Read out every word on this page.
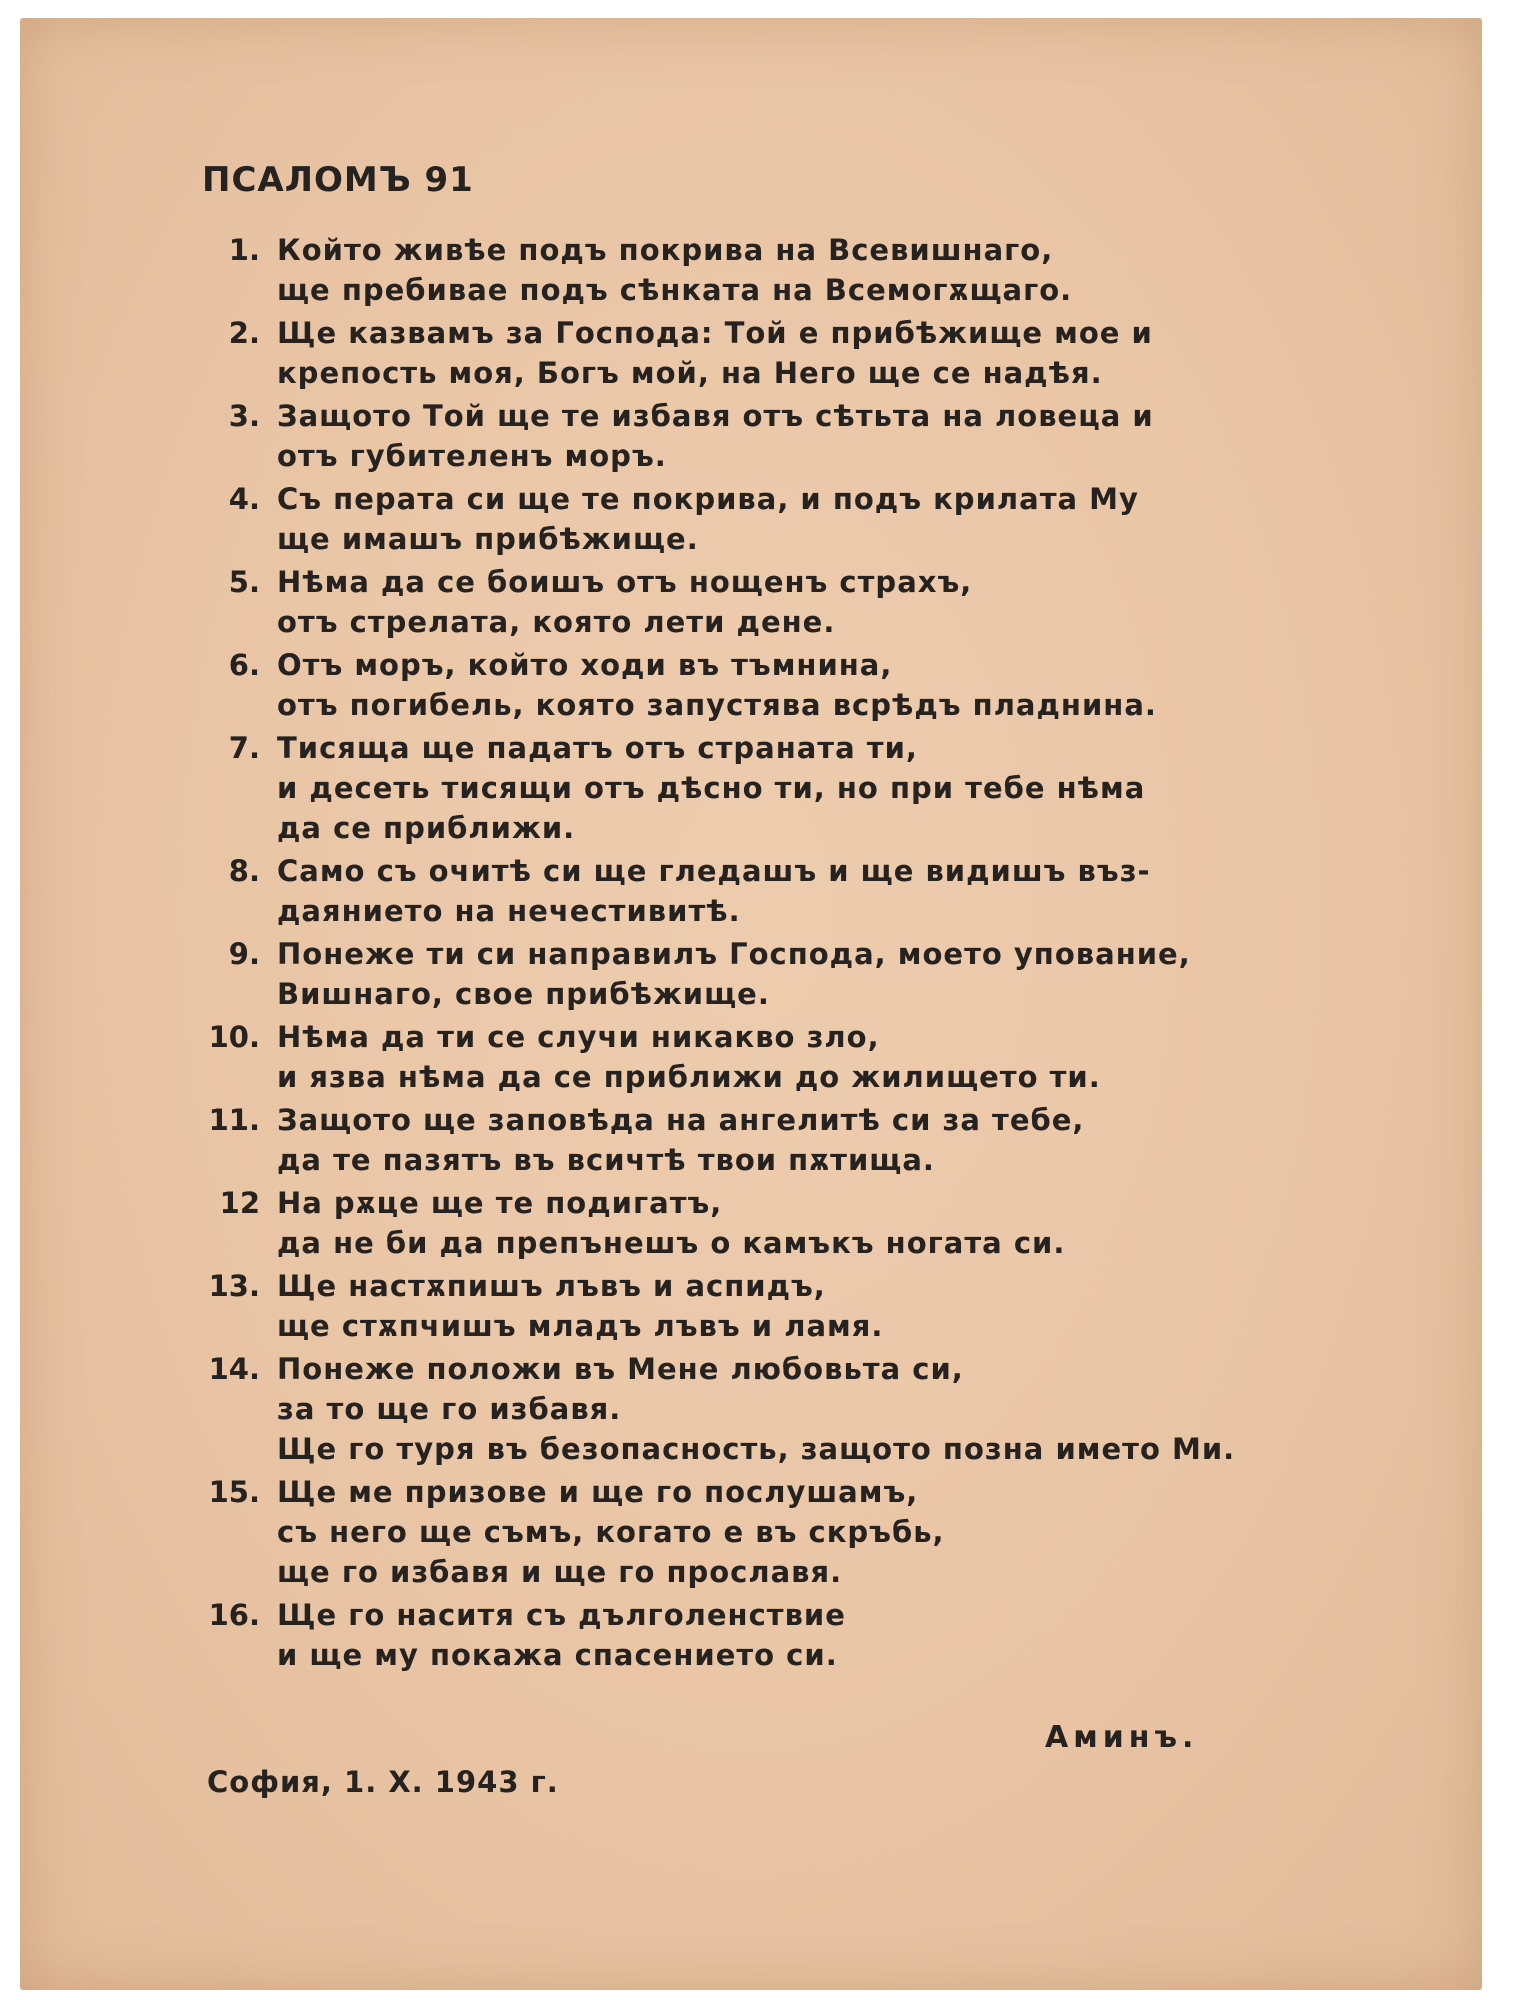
ПСАЛОМЪ 91
1. Който живѣе подъ покрива на Всевишнаго,
ще пребивае подъ сѣнката на Всемогѫщаго.
2. Ще казвамъ за Господа: Той е прибѣжище мое и
крепость моя, Богъ мой, на Него ще се надѣя.
3. Защото Той ще те избавя отъ сѣтьта на ловеца и
отъ губителенъ моръ.
4. Съ перата си ще те покрива, и подъ крилата Му
ще имашъ прибѣжище.
5. Нѣма да се боишъ отъ нощенъ страхъ,
отъ стрелата, която лети дене.
6. Отъ моръ, който ходи въ тъмнина,
отъ погибель, която запустява всрѣдъ пладнина.
7. Тисяща ще падатъ отъ страната ти,
и десеть тисящи отъ дѣсно ти, но при тебе нѣма
да се приближи.
8. Само съ очитѣ си ще гледашъ и ще видишъ въз-
даянието на нечестивитѣ.
9. Понеже ти си направилъ Господа, моето упование,
Вишнаго, свое прибѣжище.
10. Нѣма да ти се случи никакво зло,
и язва нѣма да се приближи до жилището ти.
11. Защото ще заповѣда на ангелитѣ си за тебе,
да те пазятъ въ всичтѣ твои пѫтища.
12 На рѫце ще те подигатъ,
да не би да препънешъ о камъкъ ногата си.
13. Ще настѫпишъ лъвъ и аспидъ,
ще стѫпчишъ младъ лъвъ и ламя.
14. Понеже положи въ Мене любовьта си,
за то ще го избавя.
Ще го туря въ безопасность, защото позна името Ми.
15. Ще ме призове и ще го послушамъ,
съ него ще съмъ, когато е въ скръбь,
ще го избавя и ще го прославя.
16. Ще го наситя съ дълголенствие
и ще му покажа спасението си.

Аминъ.

София, 1. X. 1943 г.
